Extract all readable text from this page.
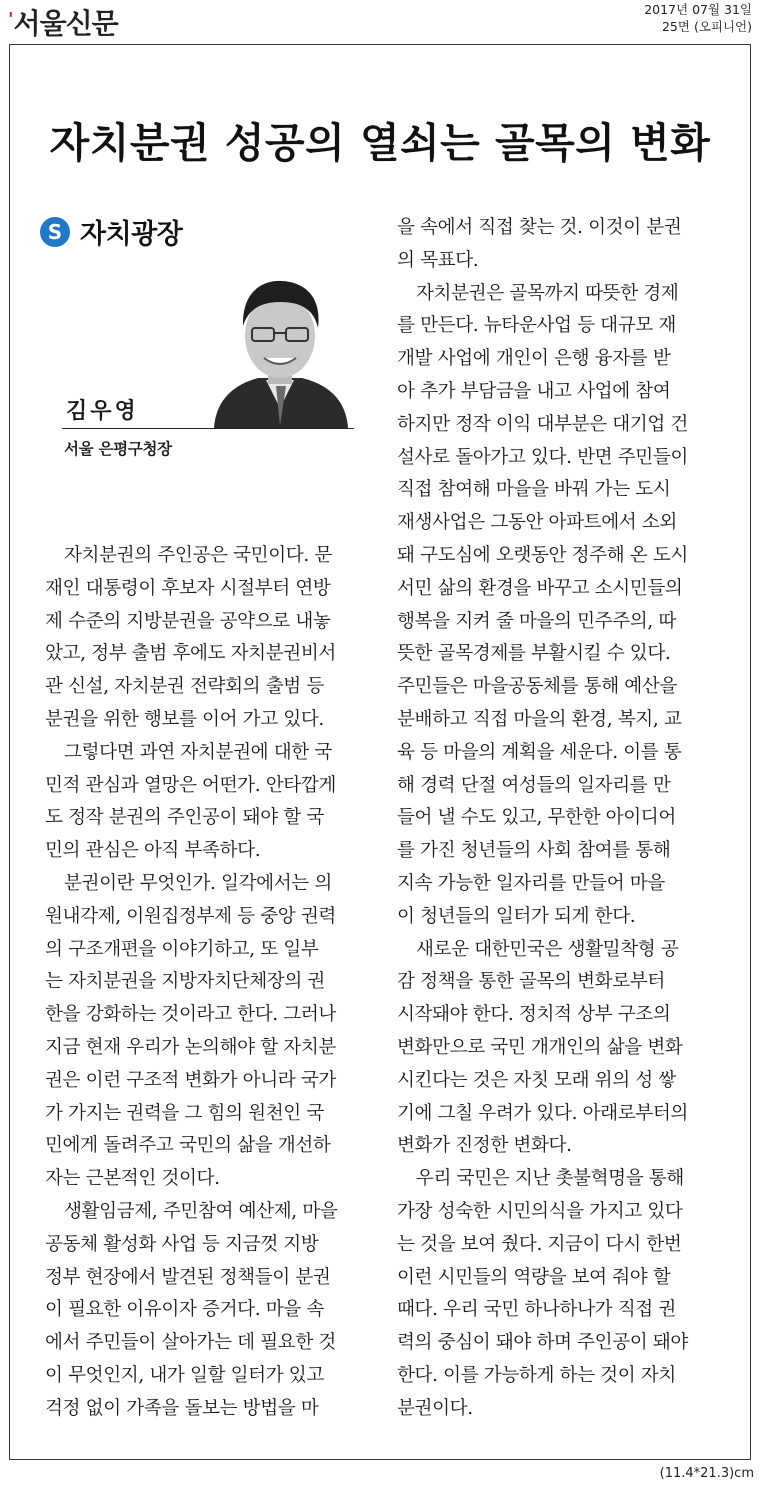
'서울신문	2017년 07월 31일
25면 (오피니언)
자치분권 성공의 열쇠는 골목의 변화
S 자치광장
김우영
서울 은평구청장
자치분권의 주인공은 국민이다. 문
재인 대통령이 후보자 시절부터 연방
제 수준의 지방분권을 공약으로 내놓
았고, 정부 출범 후에도 자치분권비서
관 신설, 자치분권 전략회의 출범 등
분권을 위한 행보를 이어 가고 있다.
그렇다면 과연 자치분권에 대한 국
민적 관심과 열망은 어떤가. 안타깝게
도 정작 분권의 주인공이 돼야 할 국
민의 관심은 아직 부족하다.
분권이란 무엇인가. 일각에서는 의
원내각제, 이원집정부제 등 중앙 권력
의 구조개편을 이야기하고, 또 일부
는 자치분권을 지방자치단체장의 권
한을 강화하는 것이라고 한다. 그러나
지금 현재 우리가 논의해야 할 자치분
권은 이런 구조적 변화가 아니라 국가
가 가지는 권력을 그 힘의 원천인 국
민에게 돌려주고 국민의 삶을 개선하
자는 근본적인 것이다.
생활임금제, 주민참여 예산제, 마을
공동체 활성화 사업 등 지금껏 지방
정부 현장에서 발견된 정책들이 분권
이 필요한 이유이자 증거다. 마을 속
에서 주민들이 살아가는 데 필요한 것
이 무엇인지, 내가 일할 일터가 있고
걱정 없이 가족을 돌보는 방법을 마
을 속에서 직접 찾는 것. 이것이 분권
의 목표다.
자치분권은 골목까지 따뜻한 경제
를 만든다. 뉴타운사업 등 대규모 재
개발 사업에 개인이 은행 융자를 받
아 추가 부담금을 내고 사업에 참여
하지만 정작 이익 대부분은 대기업 건
설사로 돌아가고 있다. 반면 주민들이
직접 참여해 마을을 바꿔 가는 도시
재생사업은 그동안 아파트에서 소외
돼 구도심에 오랫동안 정주해 온 도시
서민 삶의 환경을 바꾸고 소시민들의
행복을 지켜 줄 마을의 민주주의, 따
뜻한 골목경제를 부활시킬 수 있다.
주민들은 마을공동체를 통해 예산을
분배하고 직접 마을의 환경, 복지, 교
육 등 마을의 계획을 세운다. 이를 통
해 경력 단절 여성들의 일자리를 만
들어 낼 수도 있고, 무한한 아이디어
를 가진 청년들의 사회 참여를 통해
지속 가능한 일자리를 만들어 마을
이 청년들의 일터가 되게 한다.
새로운 대한민국은 생활밀착형 공
감 정책을 통한 골목의 변화로부터
시작돼야 한다. 정치적 상부 구조의
변화만으로 국민 개개인의 삶을 변화
시킨다는 것은 자칫 모래 위의 성 쌓
기에 그칠 우려가 있다. 아래로부터의
변화가 진정한 변화다.
우리 국민은 지난 촛불혁명을 통해
가장 성숙한 시민의식을 가지고 있다
는 것을 보여 줬다. 지금이 다시 한번
이런 시민들의 역량을 보여 줘야 할
때다. 우리 국민 하나하나가 직접 권
력의 중심이 돼야 하며 주인공이 돼야
한다. 이를 가능하게 하는 것이 자치
분권이다.
(11.4*21.3)cm
